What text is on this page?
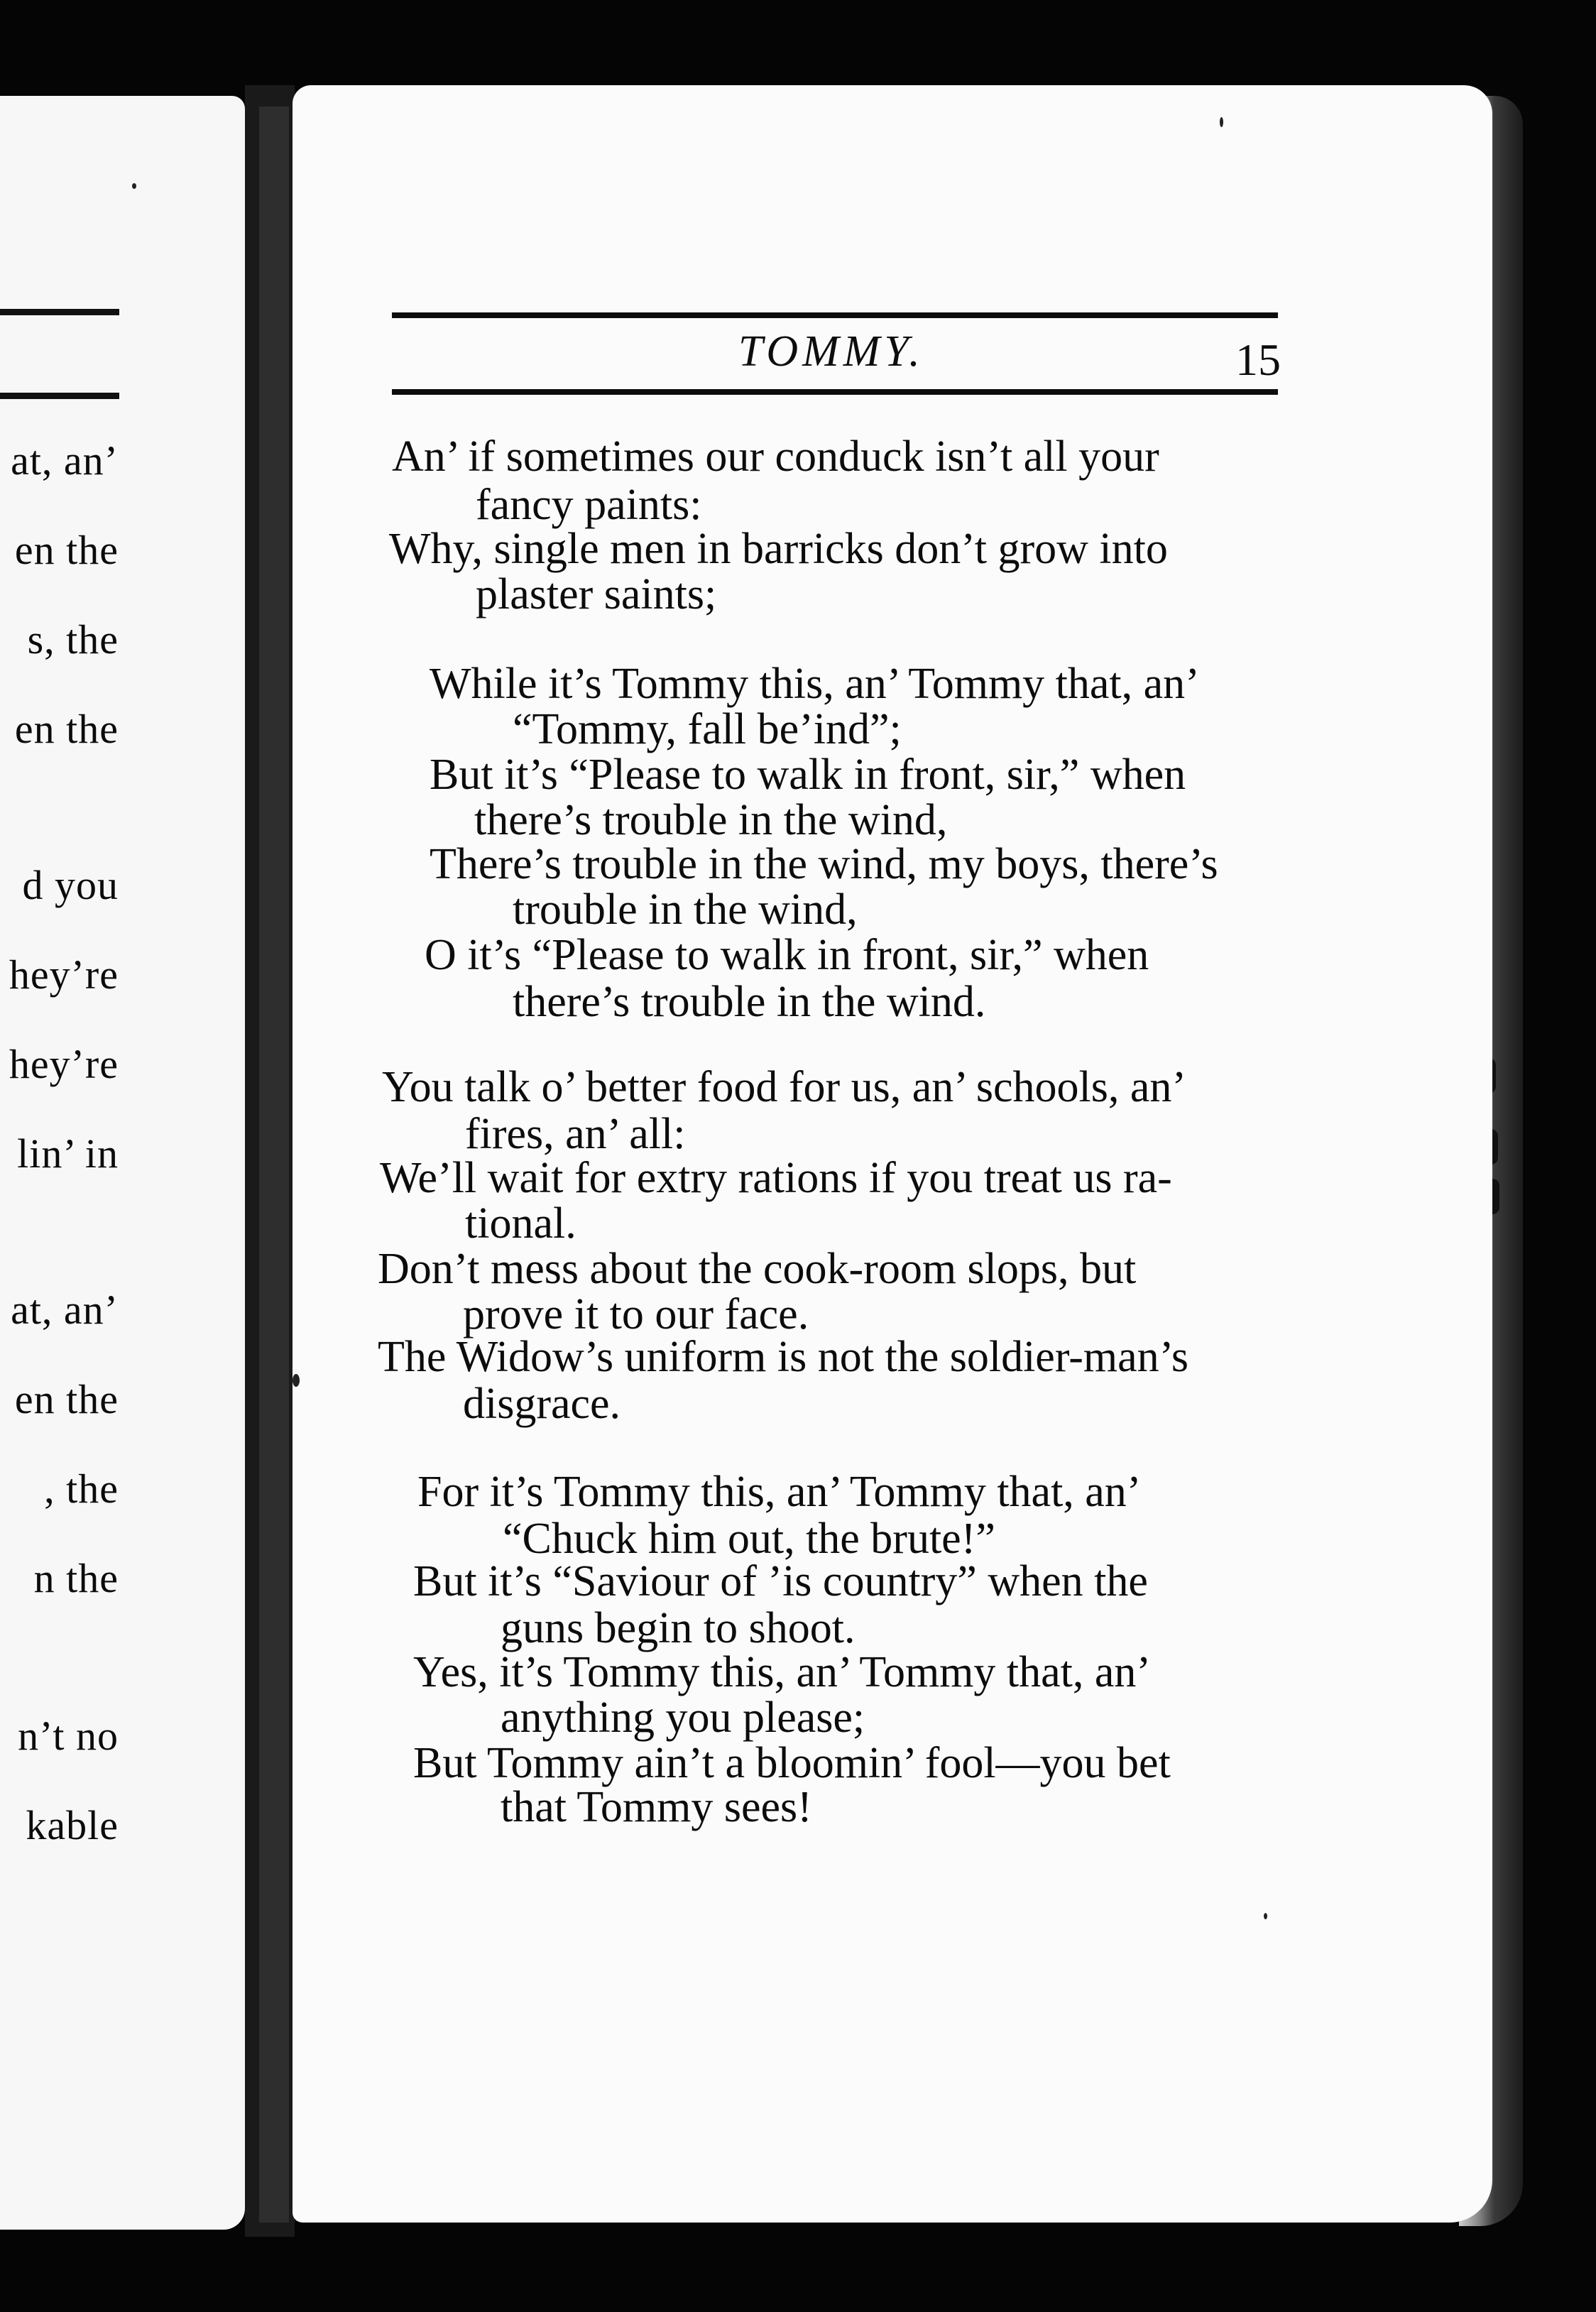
at, an’
en the
s, the
en the
d you
hey’re
hey’re
lin’ in
at, an’
en the
, the
n the
n’t no
kable
TOMMY.	15
An’ if sometimes our conduck isn’t all your
fancy paints:
Why, single men in barricks don’t grow into
plaster saints;
While it’s Tommy this, an’ Tommy that, an’
“Tommy, fall be’ind”;
But it’s “Please to walk in front, sir,” when
there’s trouble in the wind,
There’s trouble in the wind, my boys, there’s
trouble in the wind,
O it’s “Please to walk in front, sir,” when
there’s trouble in the wind.
You talk o’ better food for us, an’ schools, an’
fires, an’ all:
We’ll wait for extry rations if you treat us ra-
tional.
Don’t mess about the cook-room slops, but
prove it to our face.
The Widow’s uniform is not the soldier-man’s
disgrace.
For it’s Tommy this, an’ Tommy that, an’
“Chuck him out, the brute!”
But it’s “Saviour of ’is country” when the
guns begin to shoot.
Yes, it’s Tommy this, an’ Tommy that, an’
anything you please;
But Tommy ain’t a bloomin’ fool—you bet
that Tommy sees!
